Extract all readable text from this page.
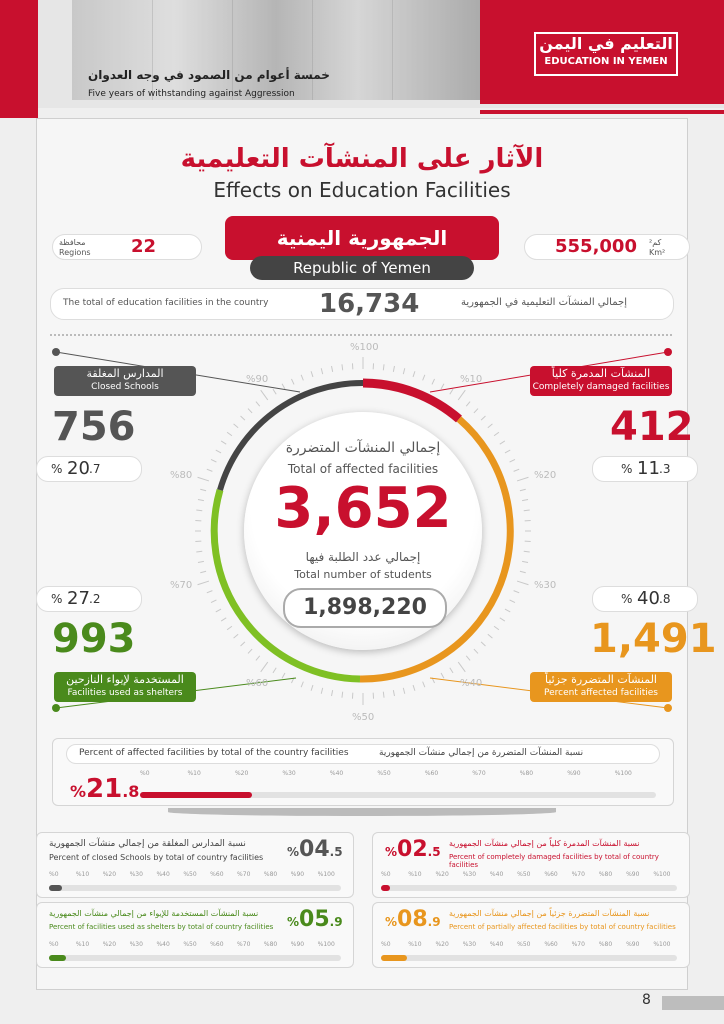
التعليم في اليمن
EDUCATION IN YEMEN
خمسة أعوام من الصمود في وجه العدوان
Five years of withstanding against Aggression
الآثار على المنشآت التعليمية
Effects on Education Facilities
محافظة
Regions 22	555,000 كم²
Km²
الجمهورية اليمنية
Republic of Yemen
The total of education facilities in the country 16,734	إجمالي المنشآت التعليمية في الجمهورية
%100
%10
%20
%30
%40
%50
%60
%70
%80
%90
إجمالي المنشآت المتضررة
Total of affected facilities
3,652
إجمالي عدد الطلبة فيها
Total number of students
1,898,220
المدارس المغلقة
Closed Schools
756
% 20 .7
المنشآت المدمرة كلياً
Completely damaged facilities
412
% 11 .3
% 27 .2
993
المستخدمة لإيواء النازحين
Facilities used as shelters
% 40 .8
1,491
المنشآت المتضررة جزئياً
Percent affected facilities
Percent of affected facilities by total of the country facilities	نسبة المنشآت المتضررة من إجمالي منشآت الجمهورية
%21.8
%0	%10	%20	%30	%40	%50	%60	%70	%80	%90	%100
نسبة المدارس المغلقة من إجمالي منشآت الجمهورية
Percent of closed Schools by total of country facilities %04.5
%0	%10 %20 %30 %40 %50 %60 %70 %80 %90 %100
نسبة المنشآت المدمرة كلياً من إجمالي منشآت الجمهورية
Percent of completely damaged facilities by total of country facilities
%02.5
%0	%10 %20 %30 %40 %50 %60 %70 %80 %90 %100
نسبة المنشآت المستخدمة للإيواء من إجمالي منشآت الجمهورية
Percent of facilities used as shelters by total of country facilities %05.9
%0	%10 %20 %30 %40 %50 %60 %70 %80 %90 %100
نسبة المنشآت المتضررة جزئياً من إجمالي منشآت الجمهورية
Percent of partially affected facilities by total of country facilities
%08.9
%0	%10 %20 %30 %40 %50 %60 %70 %80 %90 %100
8
